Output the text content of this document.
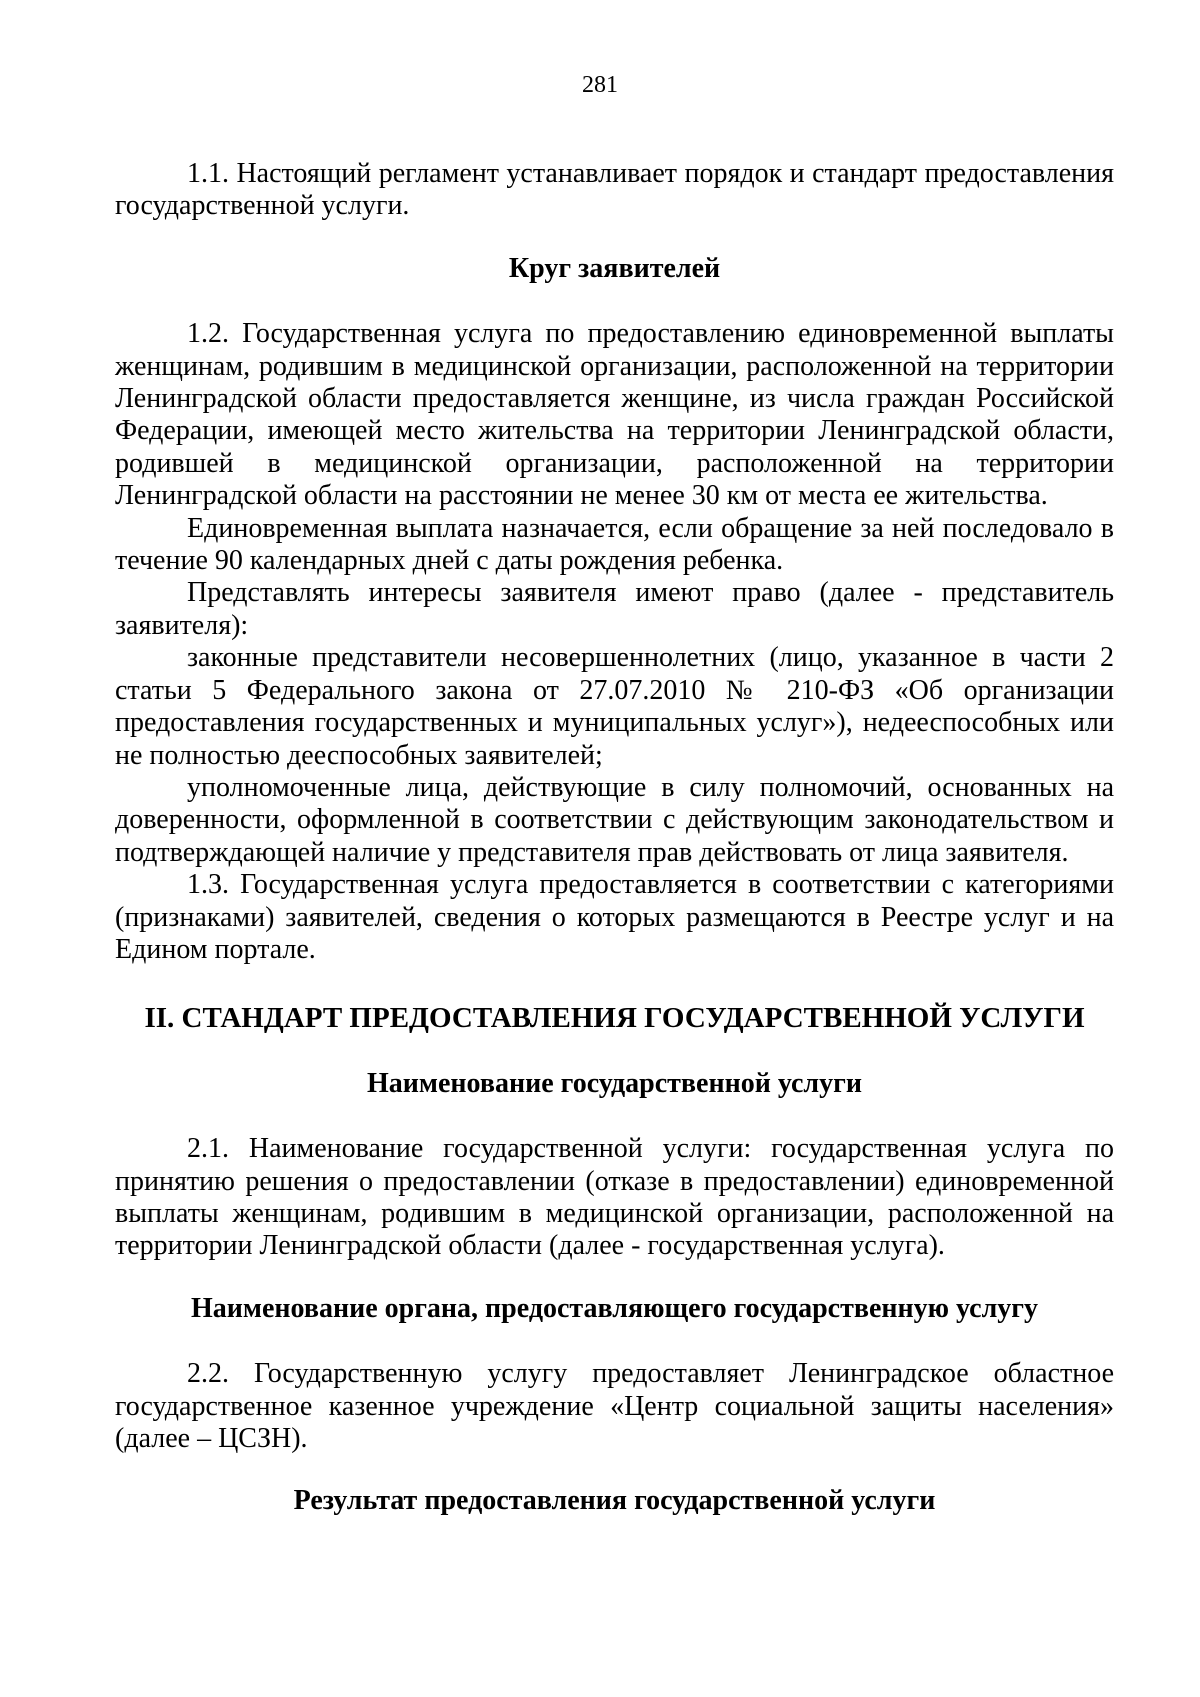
281

1.1. Настоящий регламент устанавливает порядок и стандарт предоставления государственной услуги.

Круг заявителей

1.2. Государственная услуга по предоставлению единовременной выплаты женщинам, родившим в медицинской организации, расположенной на территории Ленинградской области предоставляется женщине, из числа граждан Российской Федерации, имеющей место жительства на территории Ленинградской области, родившей в медицинской организации, расположенной на территории Ленинградской области на расстоянии не менее 30 км от места ее жительства.

Единовременная выплата назначается, если обращение за ней последовало в течение 90 календарных дней с даты рождения ребенка.

Представлять интересы заявителя имеют право (далее - представитель заявителя):

законные представители несовершеннолетних (лицо, указанное в части 2 статьи 5 Федерального закона от 27.07.2010 № 210-ФЗ «Об организации предоставления государственных и муниципальных услуг»), недееспособных или не полностью дееспособных заявителей;

уполномоченные лица, действующие в силу полномочий, основанных на доверенности, оформленной в соответствии с действующим законодательством и подтверждающей наличие у представителя прав действовать от лица заявителя.

1.3. Государственная услуга предоставляется в соответствии с категориями (признаками) заявителей, сведения о которых размещаются в Реестре услуг и на Едином портале.

II. СТАНДАРТ ПРЕДОСТАВЛЕНИЯ ГОСУДАРСТВЕННОЙ УСЛУГИ

Наименование государственной услуги

2.1. Наименование государственной услуги: государственная услуга по принятию решения о предоставлении (отказе в предоставлении) единовременной выплаты женщинам, родившим в медицинской организации, расположенной на территории Ленинградской области (далее - государственная услуга).

Наименование органа, предоставляющего государственную услугу

2.2. Государственную услугу предоставляет Ленинградское областное государственное казенное учреждение «Центр социальной защиты населения» (далее – ЦСЗН).

Результат предоставления государственной услуги
